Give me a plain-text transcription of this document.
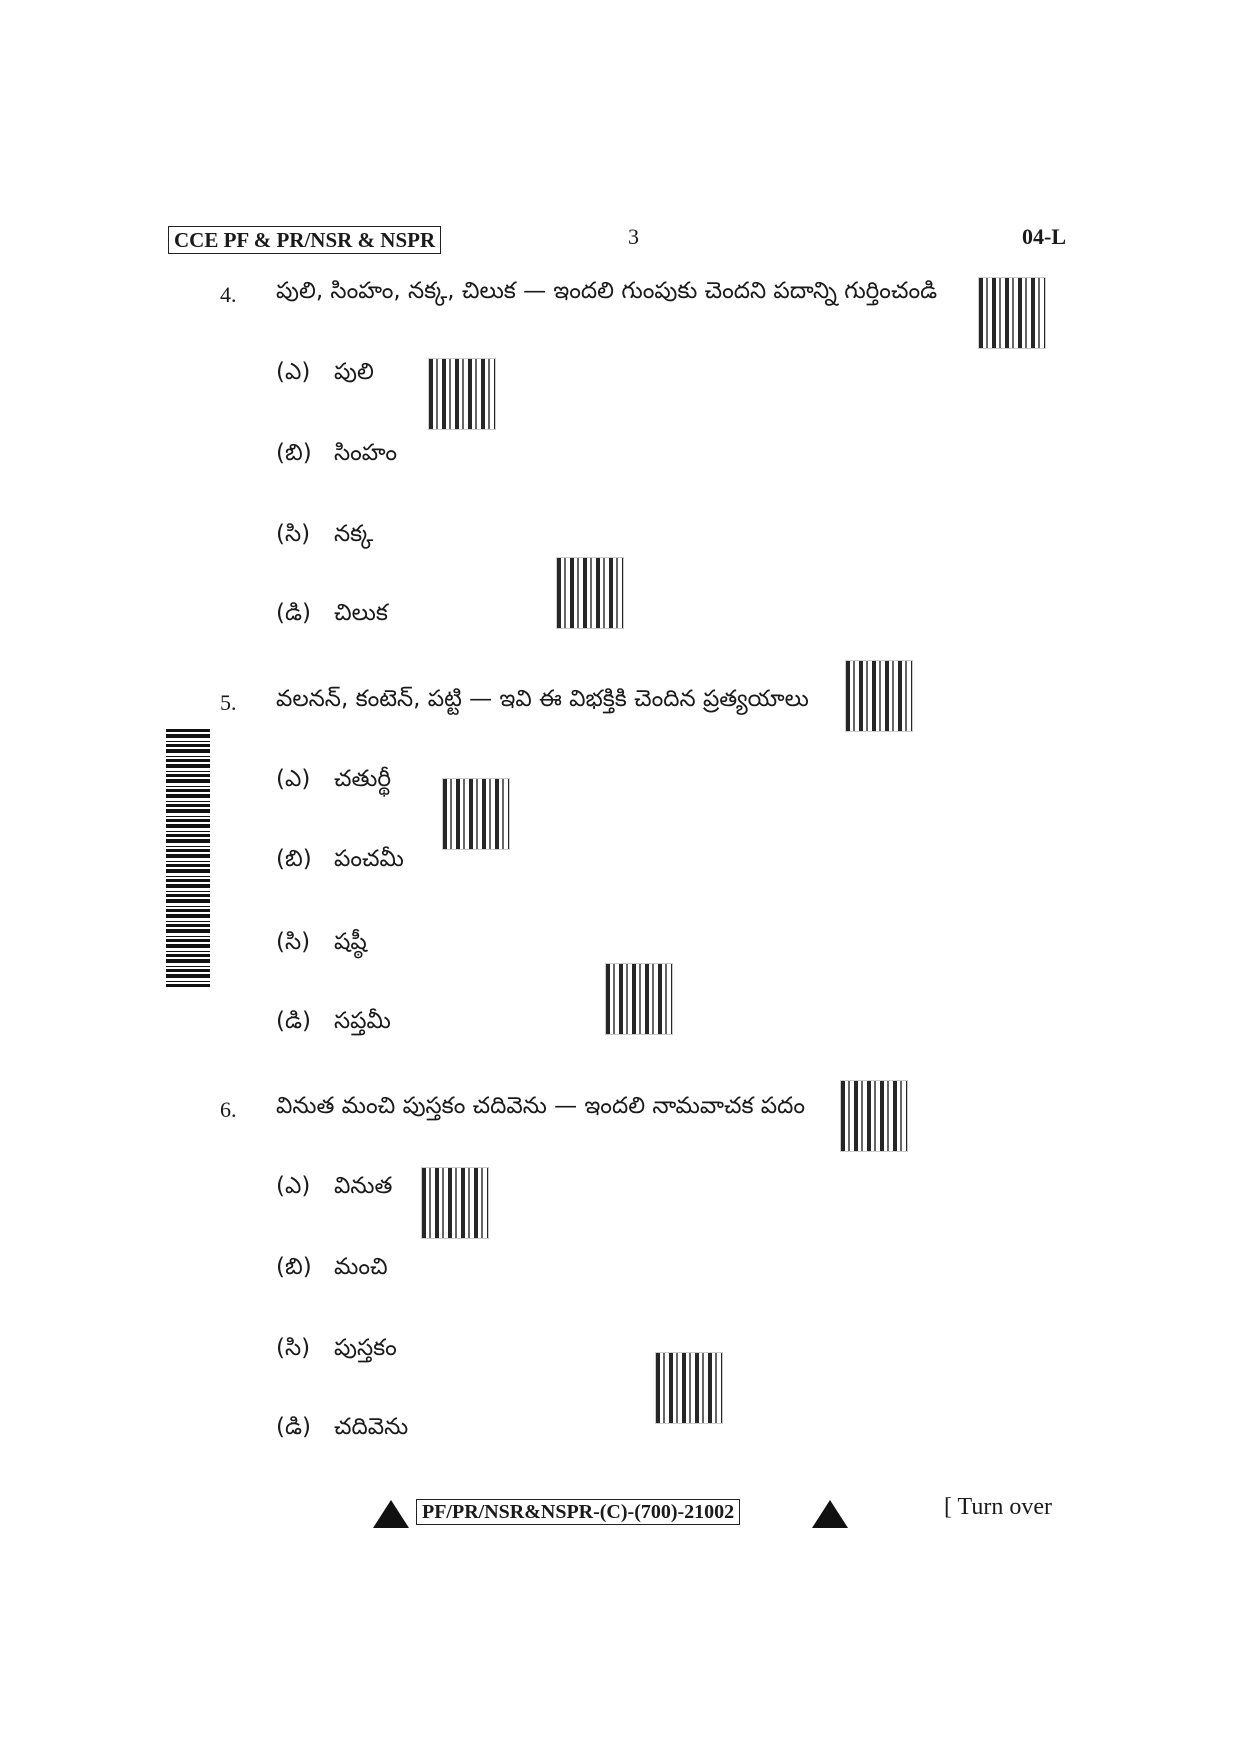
CCE PF & PR/NSR & NSPR	3	04-L
4. పులి, సింహం, నక్క, చిలుక — ఇందలి గుంపుకు చెందని పదాన్ని గుర్తించండి
(ఎ) పులి
(బి) సింహం
(సి) నక్క
(డి) చిలుక
5. వలనన్, కంటెన్, పట్టి — ఇవి ఈ విభక్తికి చెందిన ప్రత్యయాలు
(ఎ) చతుర్థీ
(బి) పంచమీ
(సి) షష్ఠీ
(డి) సప్తమీ
6. వినుత మంచి పుస్తకం చదివెను — ఇందలి నామవాచక పదం
(ఎ) వినుత
(బి) మంచి
(సి) పుస్తకం
(డి) చదివెను
PF/PR/NSR&NSPR-(C)-(700)-21002	[ Turn over
